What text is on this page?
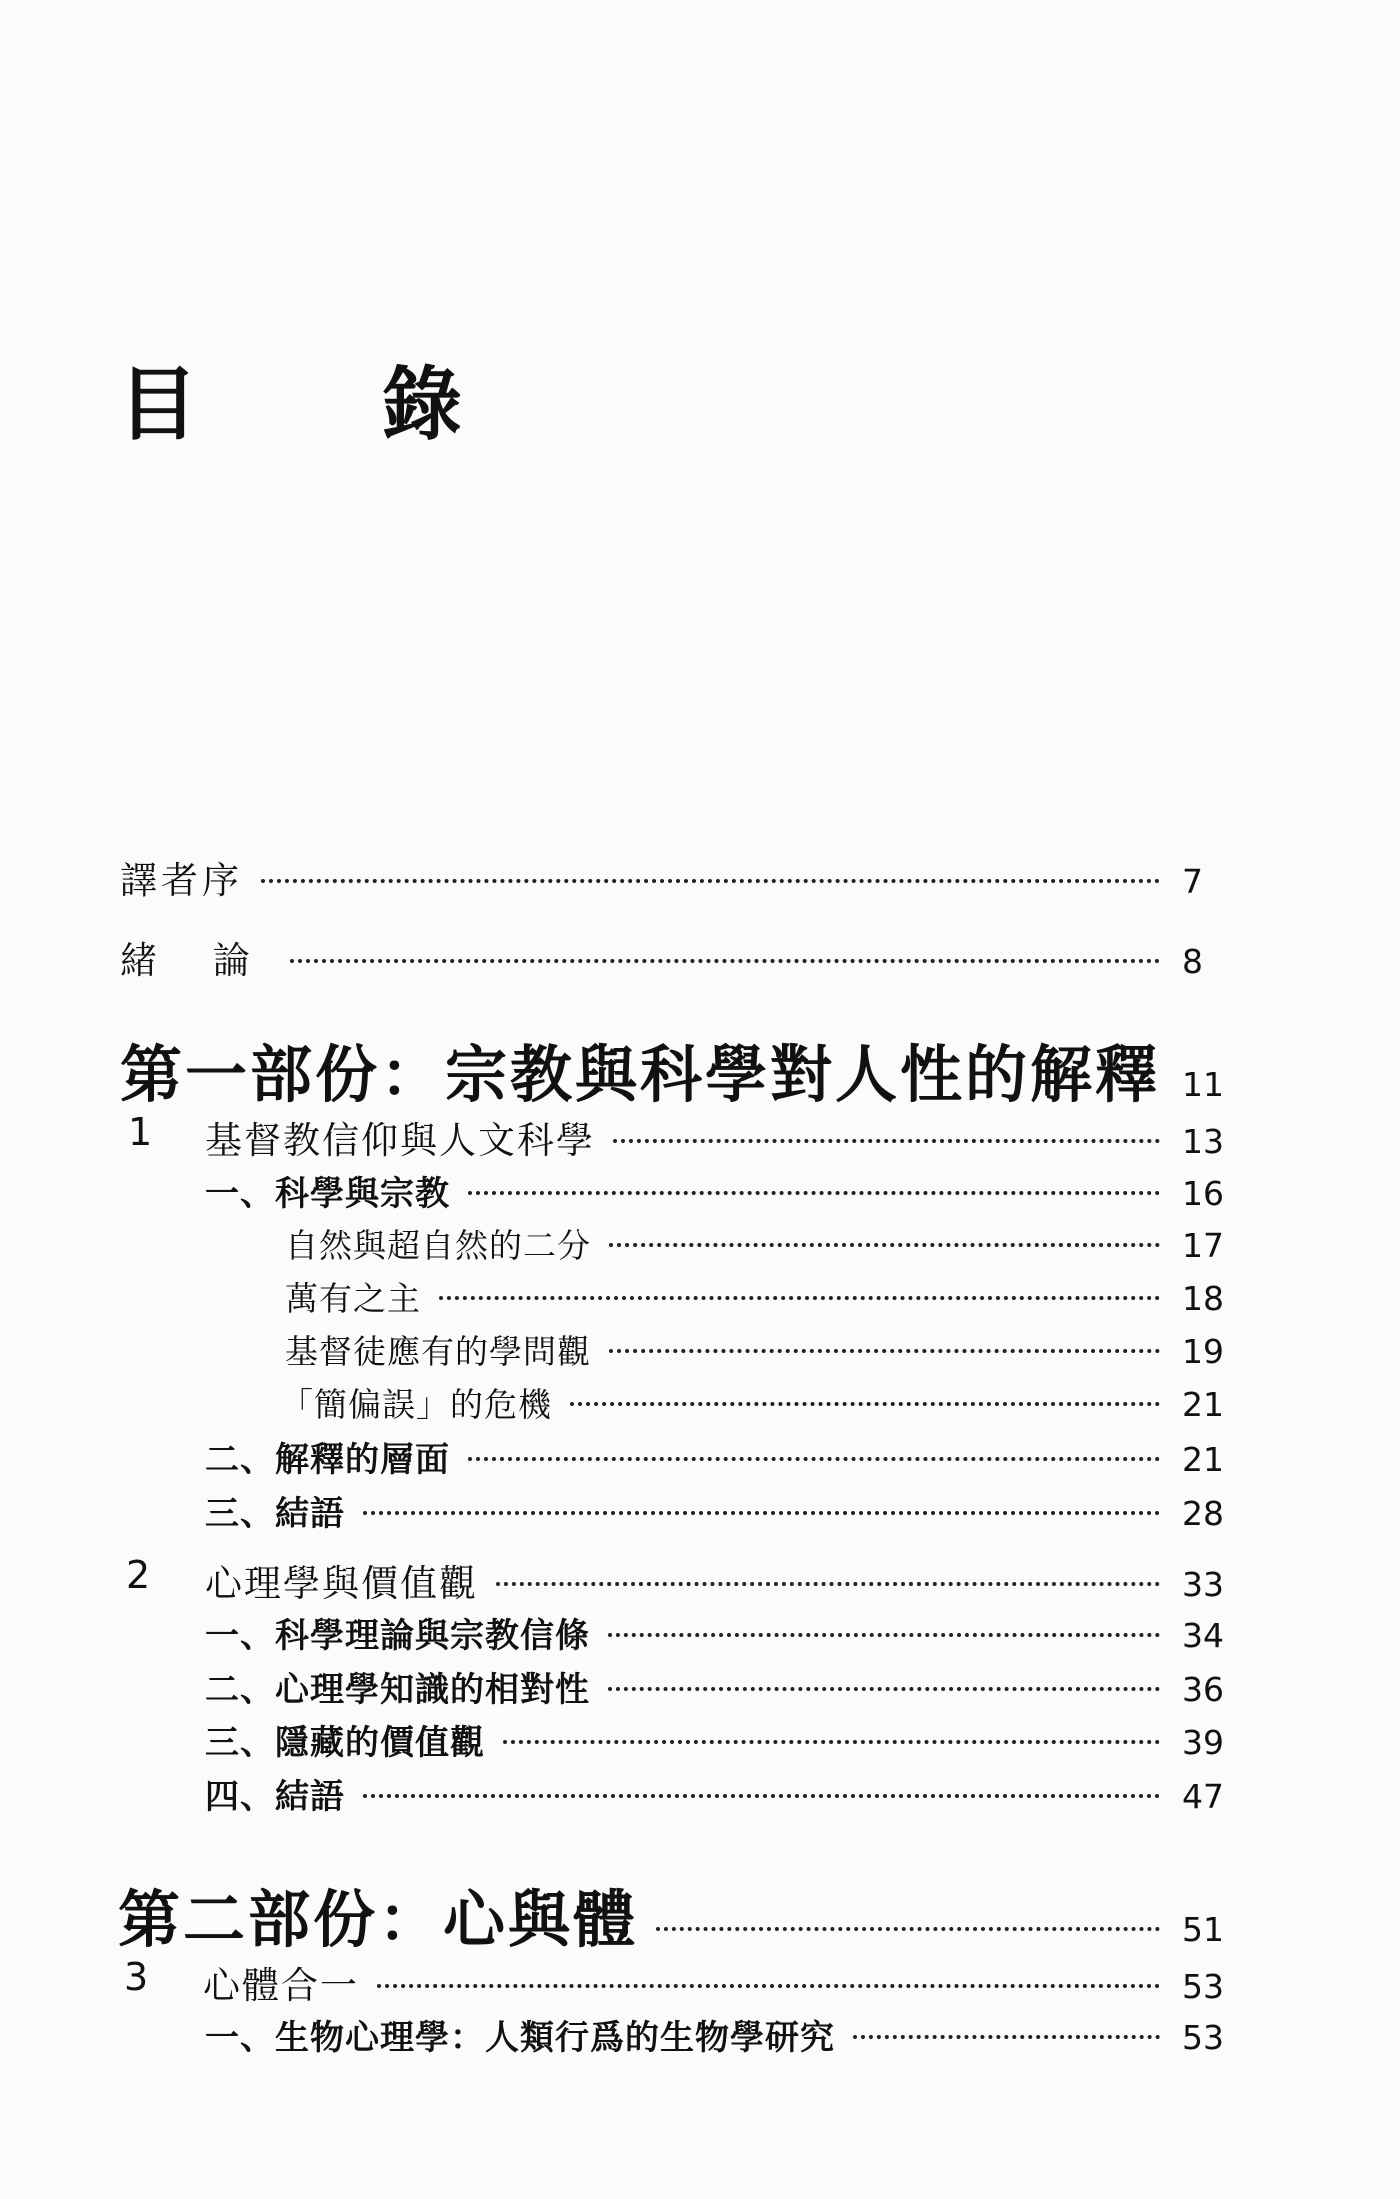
目 錄
譯者序	7
緒 論	8
第一部份：宗教與科學對人性的解釋 11
1 基督教信仰與人文科學	13
一、科學與宗教	16
自然與超自然的二分	17
萬有之主	18
基督徒應有的學問觀	19
「簡偏誤」的危機	21
二、解釋的層面	21
三、結語	28
2 心理學與價值觀	33
一、科學理論與宗教信條	34
二、心理學知識的相對性	36
三、隱藏的價值觀	39
四、結語	47
第二部份：心與體	51
3 心體合一	53
一、生物心理學：人類行爲的生物學研究	53
